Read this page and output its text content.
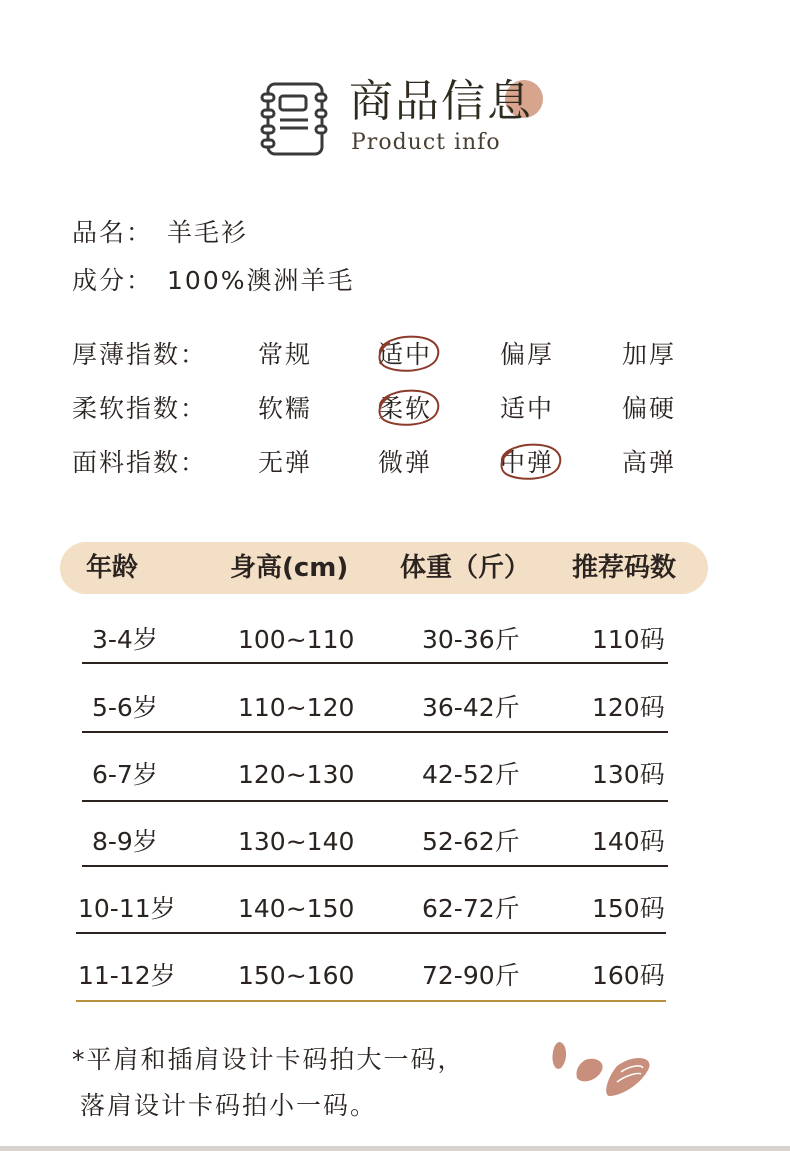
商品信息
Product info
品名： 羊毛衫
成分： 100%澳洲羊毛
厚薄指数： 常规	适中	偏厚	加厚
柔软指数： 软糯	柔软	适中	偏硬
面料指数： 无弹	微弹	中弹	高弹
年龄	身高(cm) 体重（斤） 推荐码数
3-4岁	100~110	30-36斤	110码
5-6岁	110~120	36-42斤	120码
6-7岁	120~130	42-52斤	130码
8-9岁	130~140	52-62斤	140码
10-11岁 140~150	62-72斤	150码
11-12岁 150~160	72-90斤	160码
*平肩和插肩设计卡码拍大一码，
落肩设计卡码拍小一码。
